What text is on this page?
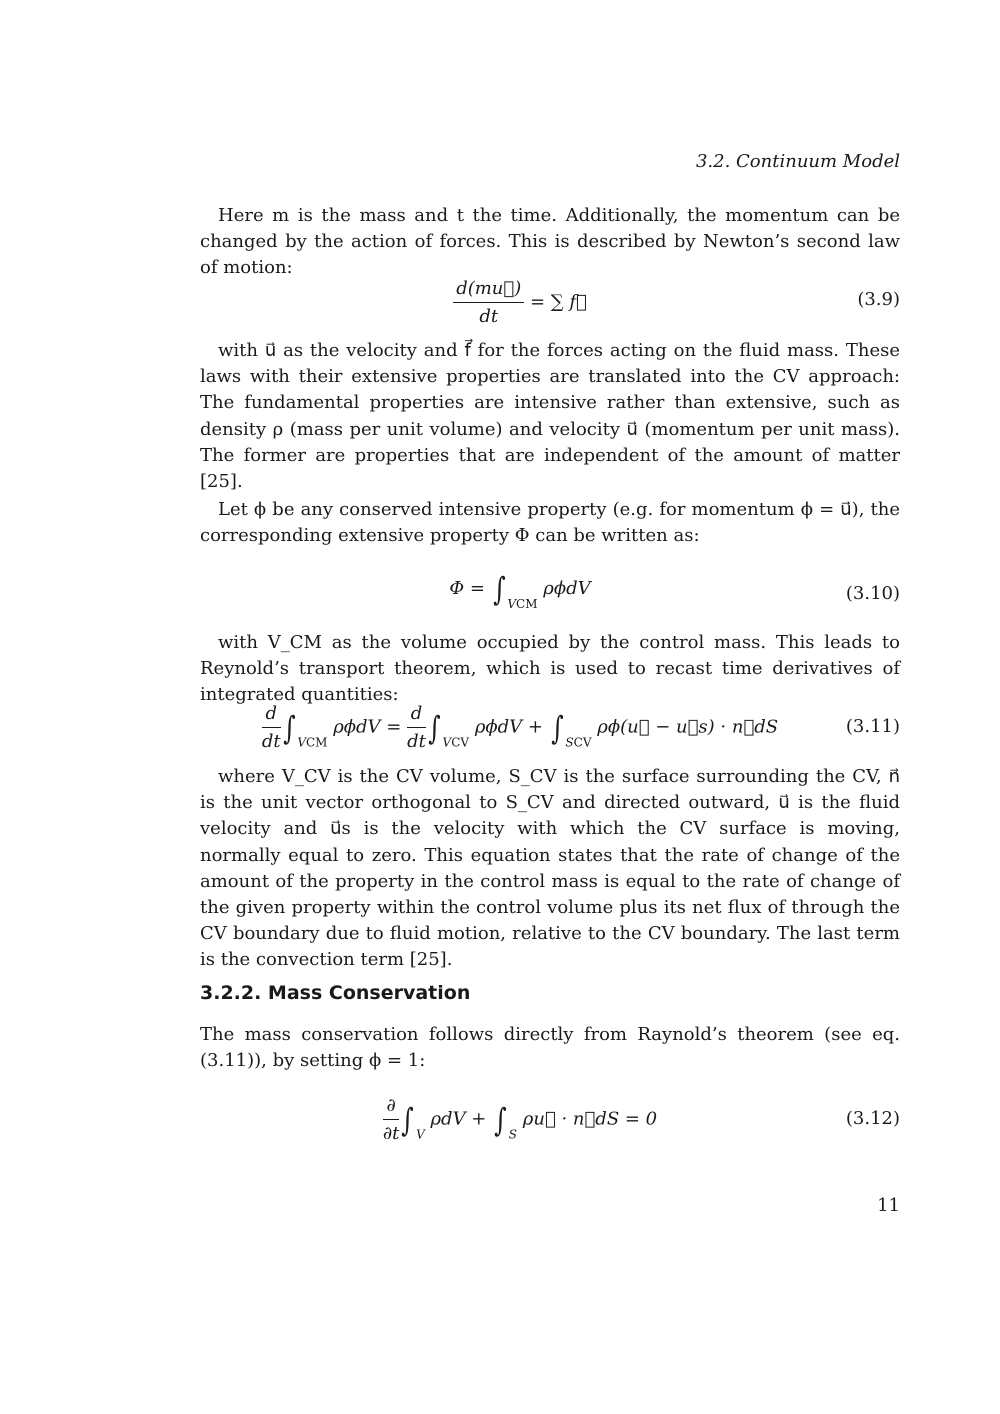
3.2. Continuum Model

Here m is the mass and t the time. Additionally, the momentum can be changed by the action of forces. This is described by Newton’s second law of motion:

$\frac{d(mu⃗)}{dt}$ = ∑ f⃗	(3.9)

with u⃗ as the velocity and f⃗ for the forces acting on the fluid mass. These laws with their extensive properties are translated into the CV approach: The fundamental properties are intensive rather than extensive, such as density ρ (mass per unit volume) and velocity u⃗ (momentum per unit mass). The former are properties that are independent of the amount of matter [25].

Let ϕ be any conserved intensive property (e.g. for momentum ϕ = u⃗), the corresponding extensive property Φ can be written as:

Φ = ∫ $_{VCM}$ ρϕdV	(3.10)

with V_CM as the volume occupied by the control mass. This leads to Reynold’s transport theorem, which is used to recast time derivatives of integrated quantities:

$\frac{d}{dt}$ ∫ $_{VCM}$ $\rho\phi dV = \frac{d}{dt}$ ∫ $_{VCV}$ ρϕdV + ∫ $_{SCV}$ ρϕ(u⃗ − u⃗s) · n⃗dS	(3.11)

where V_CV is the CV volume, S_CV is the surface surrounding the CV, n⃗ is the unit vector orthogonal to S_CV and directed outward, u⃗ is the fluid velocity and u⃗s is the velocity with which the CV surface is moving, normally equal to zero. This equation states that the rate of change of the amount of the property in the control mass is equal to the rate of change of the given property within the control volume plus its net flux of through the CV boundary due to fluid motion, relative to the CV boundary. The last term is the convection term [25].

3.2.2. Mass Conservation

The mass conservation follows directly from Raynold’s theorem (see eq. (3.11)), by setting ϕ = 1:

$\frac{\partial}{\partial t}$ ∫ $_V$ ρdV + ∫ $_S$ ρu⃗ · n⃗dS = 0	(3.12)
11
